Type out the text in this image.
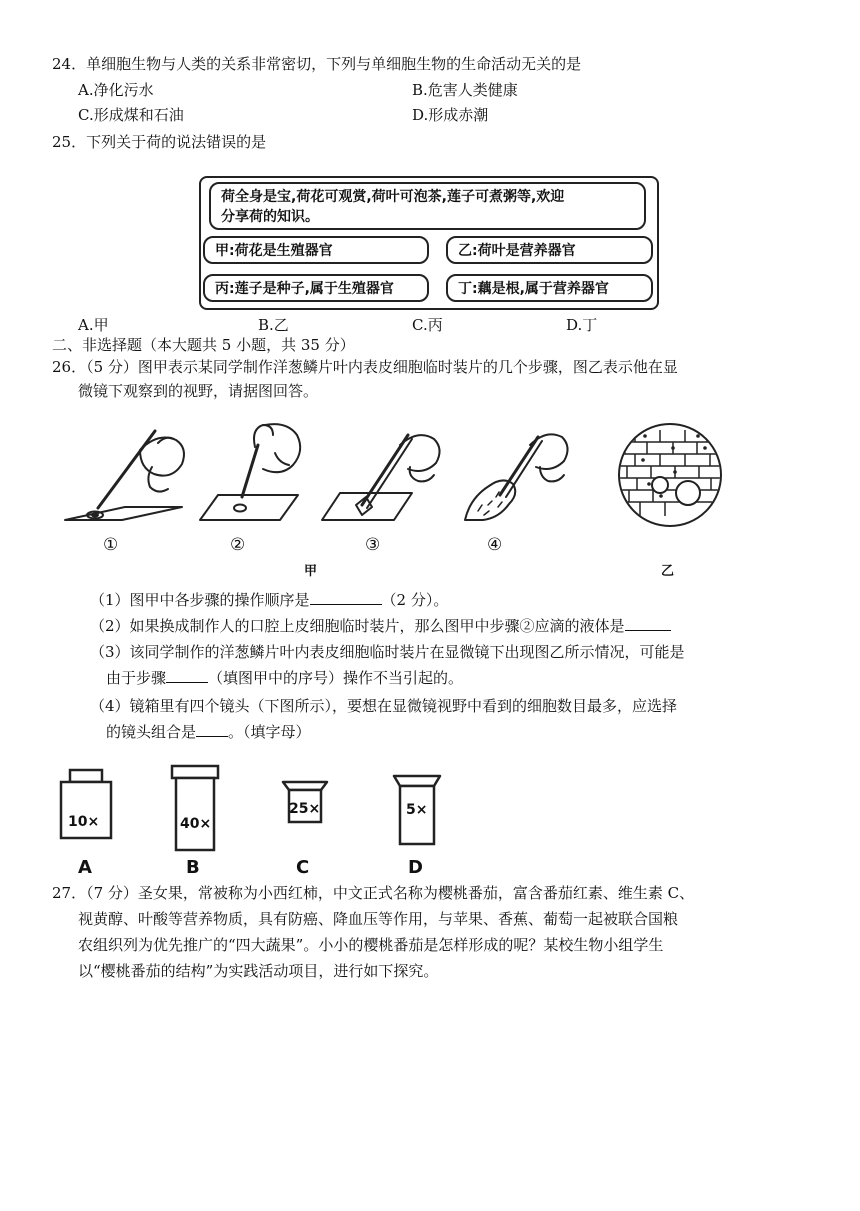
24．单细胞生物与人类的关系非常密切，下列与单细胞生物的生命活动无关的是
A.净化污水	B.危害人类健康
C.形成煤和石油	D.形成赤潮
25．下列关于荷的说法错误的是
荷全身是宝,荷花可观赏,荷叶可泡茶,莲子可煮粥等,欢迎
分享荷的知识。
甲:荷花是生殖器官	乙:荷叶是营养器官
丙:莲子是种子,属于生殖器官	丁:藕是根,属于营养器官
A.甲	B.乙	C.丙	D.丁
二、非选择题（本大题共 5 小题，共 35 分）
26．（5 分）图甲表示某同学制作洋葱鳞片叶内表皮细胞临时装片的几个步骤，图乙表示他在显
微镜下观察到的视野，请据图回答。
①	②	③	④
甲	乙
（1）图甲中各步骤的操作顺序是	（2 分）。
（2）如果换成制作人的口腔上皮细胞临时装片，那么图甲中步骤②应滴的液体是
（3）该同学制作的洋葱鳞片叶内表皮细胞临时装片在显微镜下出现图乙所示情况，可能是
由于步骤	（填图甲中的序号）操作不当引起的。
（4）镜箱里有四个镜头（下图所示），要想在显微镜视野中看到的细胞数目最多，应选择
的镜头组合是 。（填字母）
10×	40×
25×	5×
A	B	C	D
27．（7 分）圣女果，常被称为小西红柿，中文正式名称为樱桃番茄，富含番茄红素、维生素 C、
视黄醇、叶酸等营养物质，具有防癌、降血压等作用，与苹果、香蕉、葡萄一起被联合国粮
农组织列为优先推广的“四大蔬果”。小小的樱桃番茄是怎样形成的呢？某校生物小组学生
以“樱桃番茄的结构”为实践活动项目，进行如下探究。
